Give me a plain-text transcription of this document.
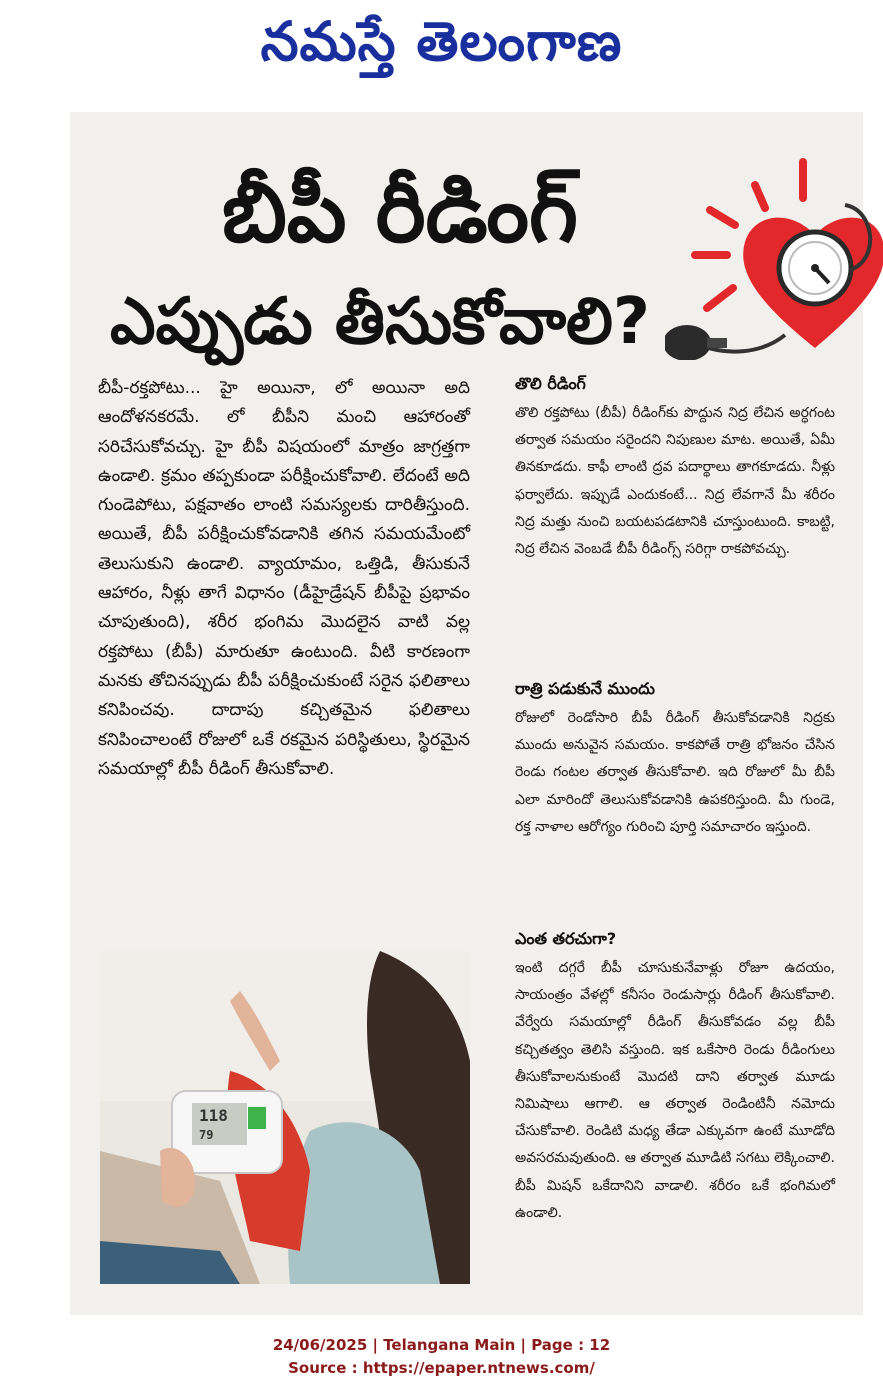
నమస్తే తెలంగాణ
బీపీ రీడింగ్
ఎప్పుడు తీసుకోవాలి?

బీపీ-రక్తపోటు... హై అయినా, లో అయినా అది ఆందోళనకరమే. లో బీపీని మంచి ఆహారంతో సరిచేసుకోవచ్చు. హై బీపీ విషయంలో మాత్రం జాగ్రత్తగా ఉండాలి. క్రమం తప్పకుండా పరీక్షించుకోవాలి. లేదంటే అది గుండెపోటు, పక్షవాతం లాంటి సమస్యలకు దారితీస్తుంది. అయితే, బీపీ పరీక్షించుకోవడానికి తగిన సమయమేంటో తెలుసుకుని ఉండాలి. వ్యాయామం, ఒత్తిడి, తీసుకునే ఆహారం, నీళ్లు తాగే విధానం (డీహైడ్రేషన్ బీపీపై ప్రభావం చూపుతుంది), శరీర భంగిమ మొదలైన వాటి వల్ల రక్తపోటు (బీపీ) మారుతూ ఉంటుంది. వీటి కారణంగా మనకు తోచినప్పుడు బీపీ పరీక్షించుకుంటే సరైన ఫలితాలు కనిపించవు. దాదాపు కచ్చితమైన ఫలితాలు కనిపించాలంటే రోజులో ఒకే రకమైన పరిస్థితులు, స్థిరమైన సమయాల్లో బీపీ రీడింగ్ తీసుకోవాలి.

118
79
తొలి రీడింగ్

తొలి రక్తపోటు (బీపీ) రీడింగ్‌కు పొద్దున నిద్ర లేచిన అర్ధగంట తర్వాత సమయం సరైందని నిపుణుల మాట. అయితే, ఏమీ తినకూడదు. కాఫీ లాంటి ద్రవ పదార్థాలు తాగకూడదు. నీళ్లు ఫర్వాలేదు. ఇప్పుడే ఎందుకంటే... నిద్ర లేవగానే మీ శరీరం నిద్ర మత్తు నుంచి బయటపడటానికి చూస్తుంటుంది. కాబట్టి, నిద్ర లేచిన వెంబడే బీపీ రీడింగ్స్ సరిగ్గా రాకపోవచ్చు.

రాత్రి పడుకునే ముందు

రోజులో రెండోసారి బీపీ రీడింగ్ తీసుకోవడానికి నిద్రకు ముందు అనువైన సమయం. కాకపోతే రాత్రి భోజనం చేసిన రెండు గంటల తర్వాత తీసుకోవాలి. ఇది రోజులో మీ బీపీ ఎలా మారిందో తెలుసుకోవడానికి ఉపకరిస్తుంది. మీ గుండె, రక్త నాళాల ఆరోగ్యం గురించి పూర్తి సమాచారం ఇస్తుంది.

ఎంత తరచుగా?

ఇంటి దగ్గరే బీపీ చూసుకునేవాళ్లు రోజూ ఉదయం, సాయంత్రం వేళల్లో కనీసం రెండుసార్లు రీడింగ్ తీసుకోవాలి. వేర్వేరు సమయాల్లో రీడింగ్ తీసుకోవడం వల్ల బీపీ కచ్చితత్వం తెలిసి వస్తుంది. ఇక ఒకేసారి రెండు రీడింగులు తీసుకోవాలనుకుంటే మొదటి దాని తర్వాత మూడు నిమిషాలు ఆగాలి. ఆ తర్వాత రెండింటినీ నమోదు చేసుకోవాలి. రెండిటి మధ్య తేడా ఎక్కువగా ఉంటే మూడోది అవసరమవుతుంది. ఆ తర్వాత మూడిటి సగటు లెక్కించాలి. బీపీ మిషన్ ఒకేదానిని వాడాలి. శరీరం ఒకే భంగిమలో ఉండాలి.

24/06/2025 | Telangana Main | Page : 12
Source : https://epaper.ntnews.com/
